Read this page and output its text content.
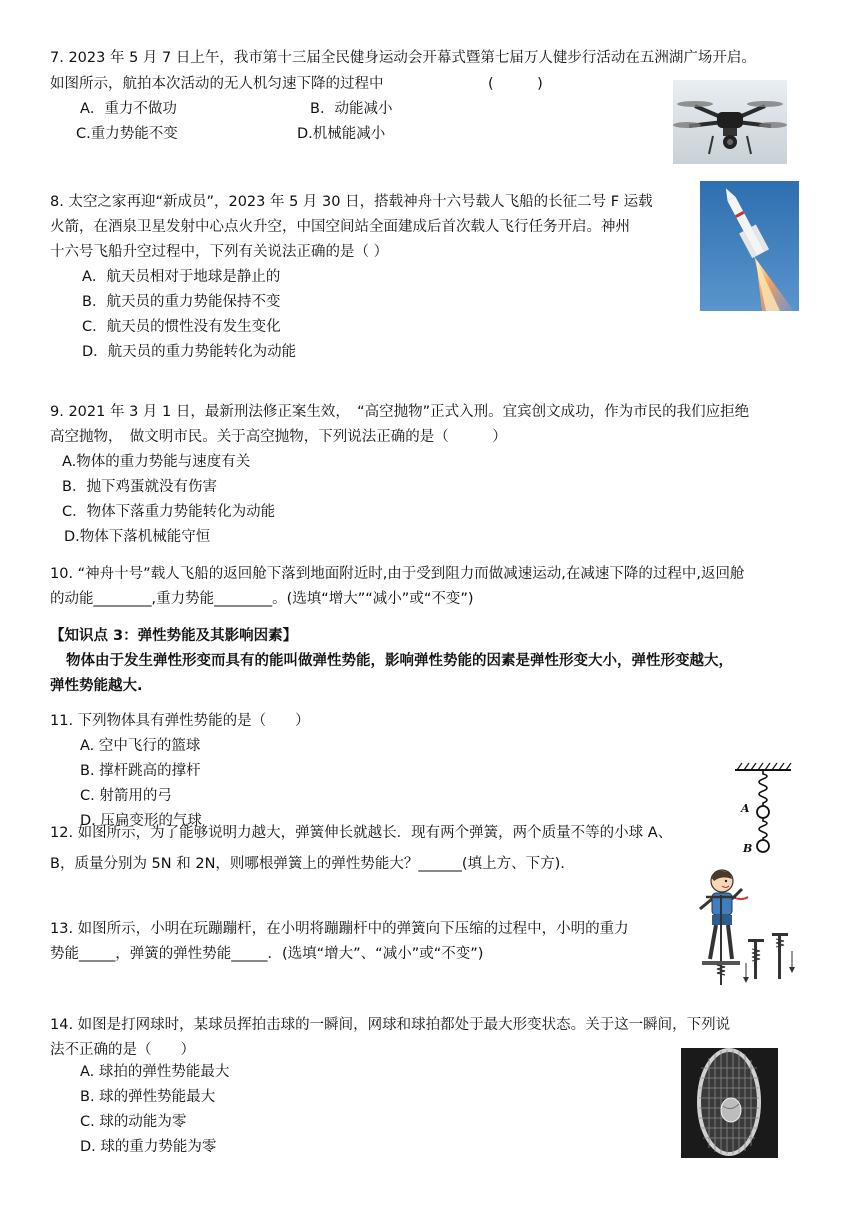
7. 2023 年 5 月 7 日上午，我市第十三届全民健身运动会开幕式暨第七届万人健步行活动在五洲湖广场开启。
如图所示，航拍本次活动的无人机匀速下降的过程中	(　　　)
A．重力不做功	B．动能减小
C.重力势能不变	D.机械能减小
8. 太空之家再迎“新成员”，2023 年 5 月 30 日，搭载神舟十六号载人飞船的长征二号 F 运载
火箭，在酒泉卫星发射中心点火升空，中国空间站全面建成后首次载人飞行任务开启。神州
十六号飞船升空过程中，下列有关说法正确的是（ ）
A．航天员相对于地球是静止的
B．航天员的重力势能保持不变
C．航天员的惯性没有发生变化
D．航天员的重力势能转化为动能
9. 2021 年 3 月 1 日，最新刑法修正案生效，　“高空抛物”正式入刑。宜宾创文成功，作为市民的我们应拒绝
高空抛物，　做文明市民。关于高空抛物，下列说法正确的是（　　　）
A.物体的重力势能与速度有关
B．抛下鸡蛋就没有伤害
C．物体下落重力势能转化为动能
D.物体下落机械能守恒
10. “神舟十号”载人飞船的返回舱下落到地面附近时,由于受到阻力而做减速运动,在减速下降的过程中,返回舱
的动能________,重力势能________。(选填“增大”“减小”或“不变”)
【知识点 3：弹性势能及其影响因素】
物体由于发生弹性形变而具有的能叫做弹性势能，影响弹性势能的因素是弹性形变大小，弹性形变越大，
弹性势能越大.
11. 下列物体具有弹性势能的是（　　）
A. 空中飞行的篮球
B. 撑杆跳高的撑杆
C. 射箭用的弓
D. 压扁变形的气球
A
B
12. 如图所示，为了能够说明力越大，弹簧伸长就越长．现有两个弹簧，两个质量不等的小球 A、
B，质量分别为 5N 和 2N，则哪根弹簧上的弹性势能大？______(填上方、下方).
13. 如图所示，小明在玩蹦蹦杆，在小明将蹦蹦杆中的弹簧向下压缩的过程中，小明的重力
势能_____，弹簧的弹性势能_____．(选填“增大”、“减小”或“不变”)
14. 如图是打网球时，某球员挥拍击球的一瞬间，网球和球拍都处于最大形变状态。关于这一瞬间，下列说
法不正确的是（　　）
A. 球拍的弹性势能最大
B. 球的弹性势能最大
C. 球的动能为零
D. 球的重力势能为零
